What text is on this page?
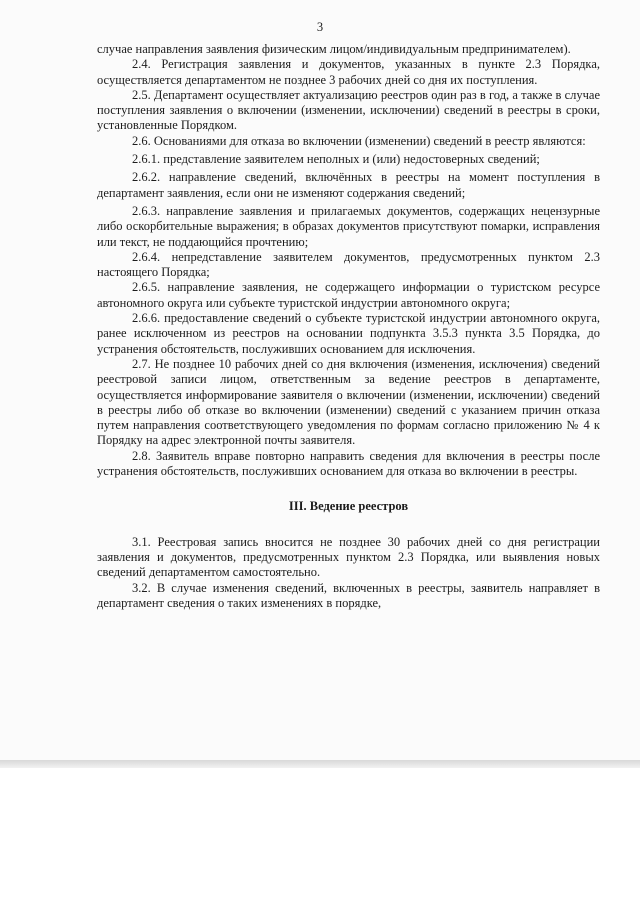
3

случае направления заявления физическим лицом/индивидуальным предпринимателем).

2.4. Регистрация заявления и документов, указанных в пункте 2.3 Порядка, осуществляется департаментом не позднее 3 рабочих дней со дня их поступления.

2.5. Департамент осуществляет актуализацию реестров один раз в год, а также в случае поступления заявления о включении (изменении, исключении) сведений в реестры в сроки, установленные Порядком.

2.6. Основаниями для отказа во включении (изменении) сведений в реестр являются:

2.6.1. представление заявителем неполных и (или) недостоверных сведений;

2.6.2. направление сведений, включённых в реестры на момент поступления в департамент заявления, если они не изменяют содержания сведений;

2.6.3. направление заявления и прилагаемых документов, содержащих нецензурные либо оскорбительные выражения; в образах документов присутствуют помарки, исправления или текст, не поддающийся прочтению;

2.6.4. непредставление заявителем документов, предусмотренных пунктом 2.3 настоящего Порядка;

2.6.5. направление заявления, не содержащего информации о туристском ресурсе автономного округа или субъекте туристской индустрии автономного округа;

2.6.6. предоставление сведений о субъекте туристской индустрии автономного округа, ранее исключенном из реестров на основании подпункта 3.5.3 пункта 3.5 Порядка, до устранения обстоятельств, послуживших основанием для исключения.

2.7. Не позднее 10 рабочих дней со дня включения (изменения, исключения) сведений реестровой записи лицом, ответственным за ведение реестров в департаменте, осуществляется информирование заявителя о включении (изменении, исключении) сведений в реестры либо об отказе во включении (изменении) сведений с указанием причин отказа путем направления соответствующего уведомления по формам согласно приложению № 4 к Порядку на адрес электронной почты заявителя.

2.8. Заявитель вправе повторно направить сведения для включения в реестры после устранения обстоятельств, послуживших основанием для отказа во включении в реестры.

III. Ведение реестров

3.1. Реестровая запись вносится не позднее 30 рабочих дней со дня регистрации заявления и документов, предусмотренных пунктом 2.3 Порядка, или выявления новых сведений департаментом самостоятельно.

3.2. В случае изменения сведений, включенных в реестры, заявитель направляет в департамент сведения о таких изменениях в порядке,
